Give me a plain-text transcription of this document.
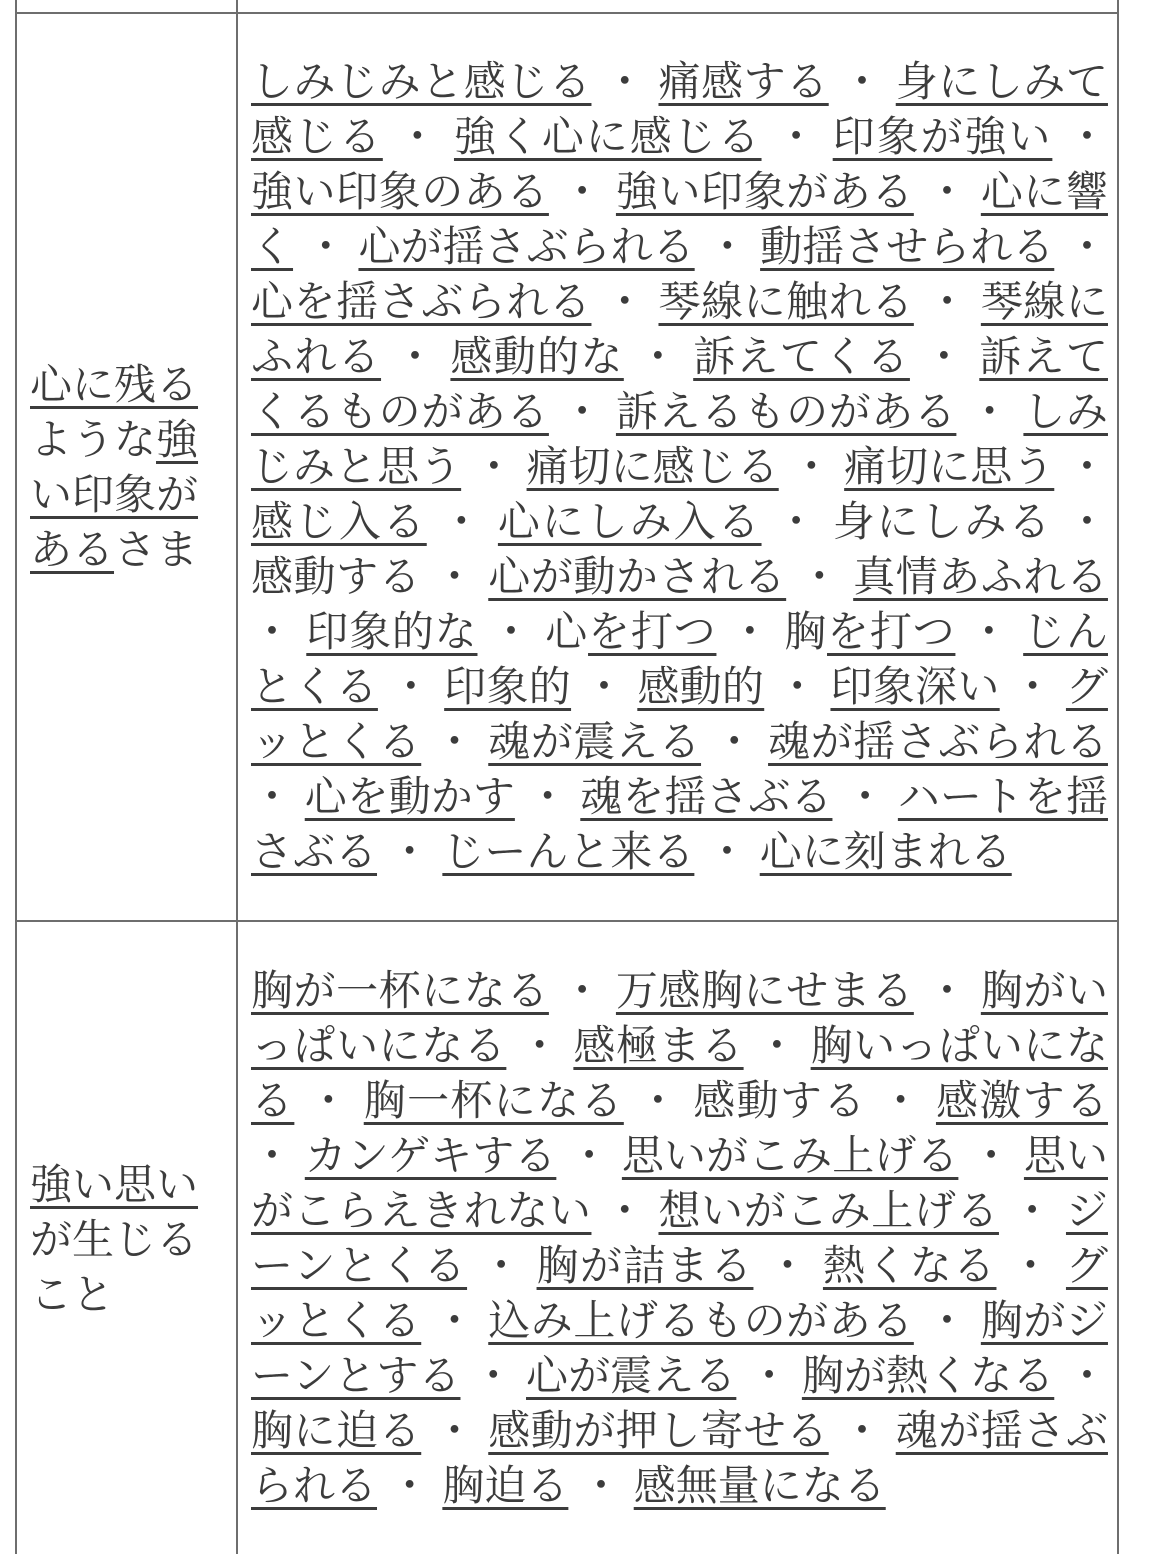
心に残るような強い印象があるさま	しみじみと感じる ・ 痛感する ・ 身にしみて感じる ・ 強く心に感じる ・ 印象が強い ・ 強い印象のある ・ 強い印象がある ・ 心に響く ・ 心が揺さぶられる ・ 動揺させられる ・ 心を揺さぶられる ・ 琴線に触れる ・ 琴線にふれる ・ 感動的な ・ 訴えてくる ・ 訴えてくるものがある ・ 訴えるものがある ・ しみじみと思う ・ 痛切に感じる ・ 痛切に思う ・ 感じ入る ・ 心にしみ入る ・ 身にしみる ・ 感動する ・ 心が動かされる ・ 真情あふれる ・ 印象的な ・ 心を打つ ・ 胸を打つ ・ じんとくる ・ 印象的 ・ 感動的 ・ 印象深い ・ グッとくる ・ 魂が震える ・ 魂が揺さぶられる ・ 心を動かす ・ 魂を揺さぶる ・ ハートを揺さぶる ・ じーんと来る ・ 心に刻まれる
強い思いが生じること	胸が一杯になる ・ 万感胸にせまる ・ 胸がいっぱいになる ・ 感極まる ・ 胸いっぱいになる ・ 胸一杯になる ・ 感動する ・ 感激する ・ カンゲキする ・ 思いがこみ上げる ・ 思いがこらえきれない ・ 想いがこみ上げる ・ ジーンとくる ・ 胸が詰まる ・ 熱くなる ・ グッとくる ・ 込み上げるものがある ・ 胸がジーンとする ・ 心が震える ・ 胸が熱くなる ・ 胸に迫る ・ 感動が押し寄せる ・ 魂が揺さぶられる ・ 胸迫る ・ 感無量になる
